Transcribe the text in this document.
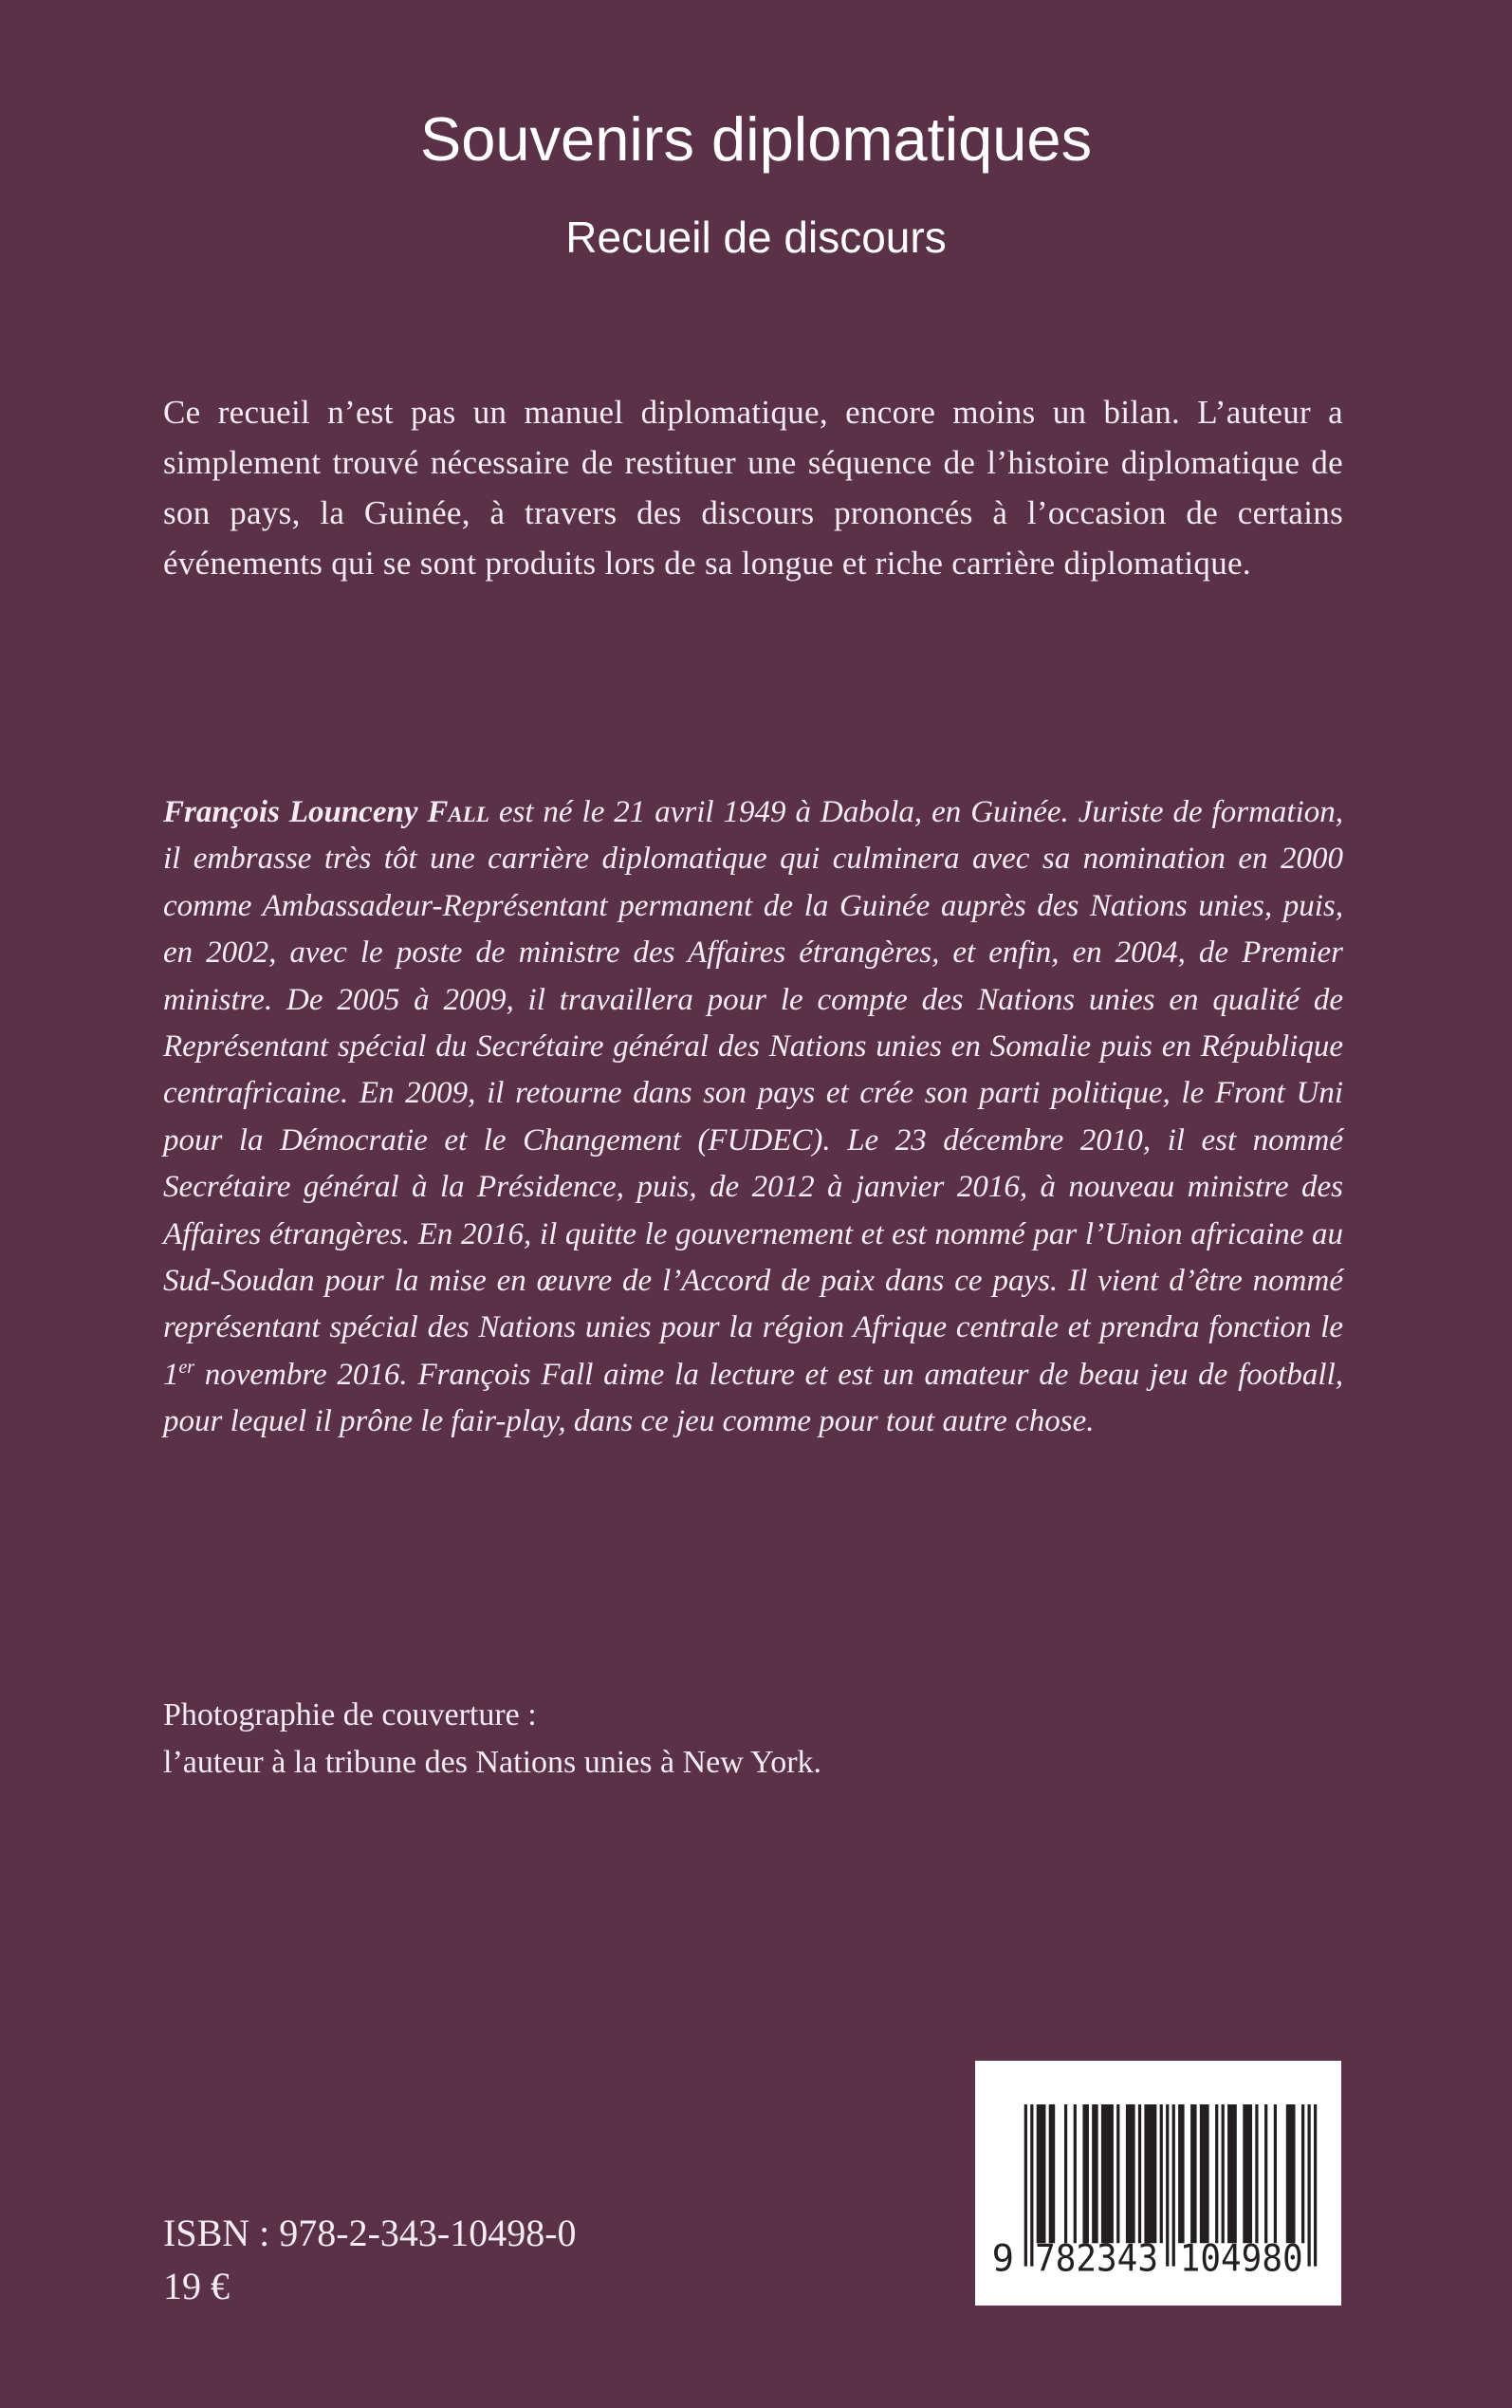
Souvenirs diplomatiques
Recueil de discours

Ce recueil n’est pas un manuel diplomatique, encore moins un bilan. L’auteur a simplement trouvé nécessaire de restituer une séquence de l’histoire diplomatique de son pays, la Guinée, à travers des discours prononcés à l’occasion de certains événements qui se sont produits lors de sa longue et riche carrière diplomatique.

François Lounceny Fall est né le 21 avril 1949 à Dabola, en Guinée. Juriste de formation, il embrasse très tôt une carrière diplomatique qui culminera avec sa nomination en 2000 comme Ambassadeur-Représentant permanent de la Guinée auprès des Nations unies, puis, en 2002, avec le poste de ministre des Affaires étrangères, et enfin, en 2004, de Premier ministre. De 2005 à 2009, il travaillera pour le compte des Nations unies en qualité de Représentant spécial du Secrétaire général des Nations unies en Somalie puis en République centrafricaine. En 2009, il retourne dans son pays et crée son parti politique, le Front Uni pour la Démocratie et le Changement (FUDEC). Le 23 décembre 2010, il est nommé Secrétaire général à la Présidence, puis, de 2012 à janvier 2016, à nouveau ministre des Affaires étrangères. En 2016, il quitte le gouvernement et est nommé par l’Union africaine au Sud-Soudan pour la mise en œuvre de l’Accord de paix dans ce pays. Il vient d’être nommé représentant spécial des Nations unies pour la région Afrique centrale et prendra fonction le 1er novembre 2016. François Fall aime la lecture et est un amateur de beau jeu de football, pour lequel il prône le fair-play, dans ce jeu comme pour tout autre chose.

Photographie de couverture :
l’auteur à la tribune des Nations unies à New York.

ISBN : 978-2-343-10498-0
19 €

9 782343 104980
